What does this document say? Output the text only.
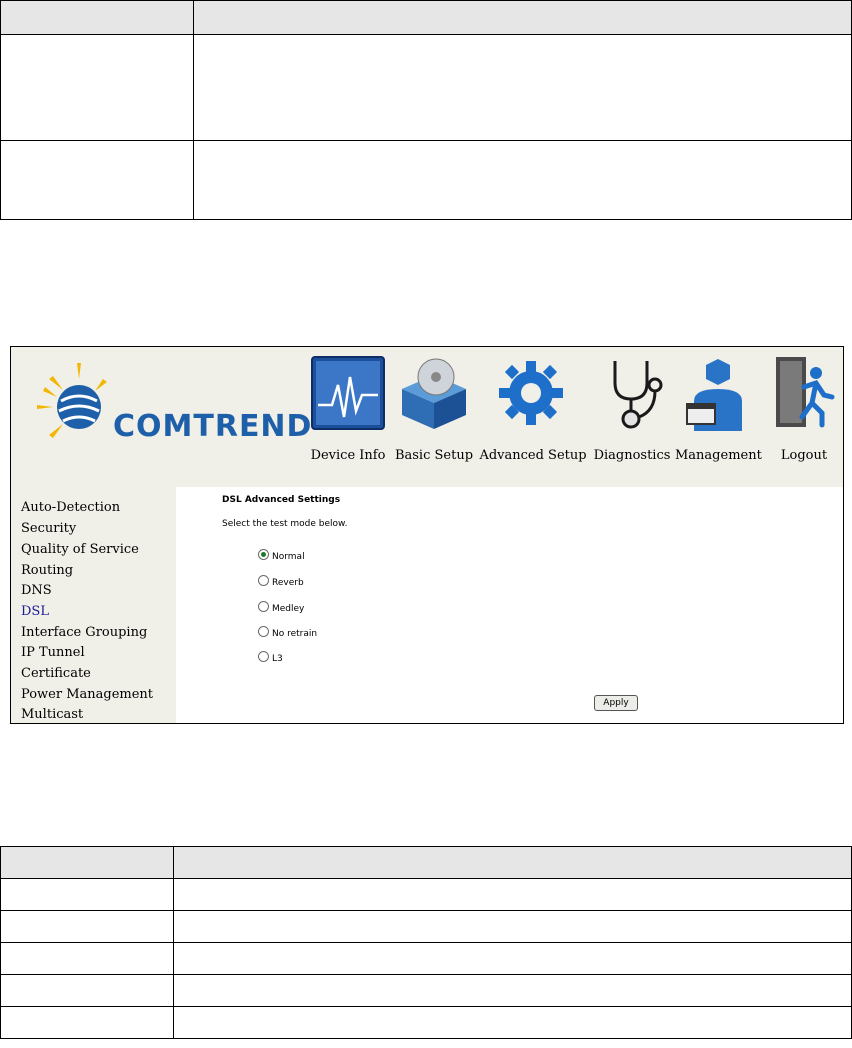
COMTREND
Device Info Basic Setup Advanced Setup Diagnostics Management	Logout
Auto-Detection
Security
Quality of Service
Routing
DNS
DSL
Interface Grouping
IP Tunnel
Certificate
Power Management
Multicast
DSL Advanced Settings
Select the test mode below.
Normal
Reverb
Medley
No retrain
L3
Apply
